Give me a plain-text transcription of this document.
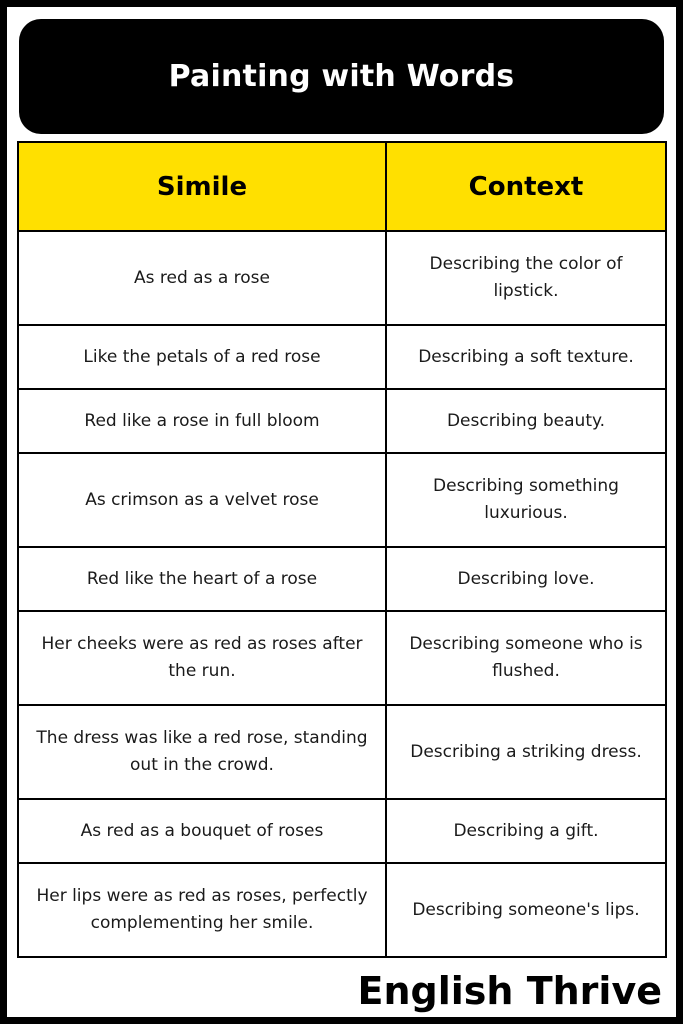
Painting with Words
Simile	Context
As red as a rose	Describing the color of lipstick.
Like the petals of a red rose	Describing a soft texture.
Red like a rose in full bloom	Describing beauty.
As crimson as a velvet rose	Describing something luxurious.
Red like the heart of a rose	Describing love.
Her cheeks were as red as roses after the run.	Describing someone who is flushed.
The dress was like a red rose, standing out in the crowd.	Describing a striking dress.
As red as a bouquet of roses	Describing a gift.
Her lips were as red as roses, perfectly complementing her smile.	Describing someone's lips.
English Thrive
